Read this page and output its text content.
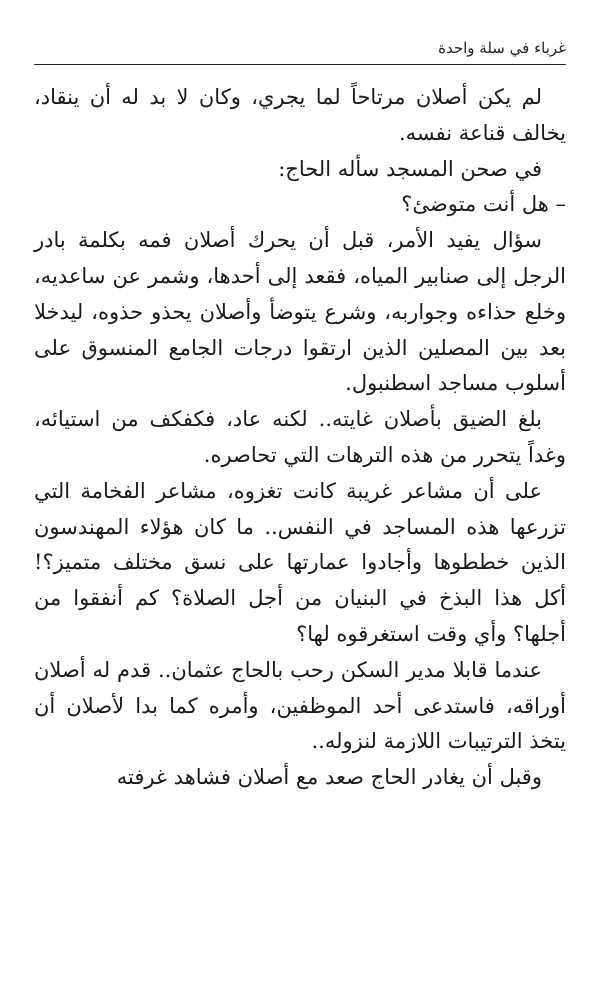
غرباء في سلة واحدة

لم يكن أصلان مرتاحاً لما يجري، وكان لا بد له أن ينقاد، يخالف قناعة نفسه.

في صحن المسجد سأله الحاج:

– هل أنت متوضئ؟

سؤال يفيد الأمر، قبل أن يحرك أصلان فمه بكلمة بادر الرجل إلى صنابير المياه، فقعد إلى أحدها، وشمر عن ساعديه، وخلع حذاءه وجواربه، وشرع يتوضأ وأصلان يحذو حذوه، ليدخلا بعد بين المصلين الذين ارتقوا درجات الجامع المنسوق على أسلوب مساجد اسطنبول.

بلغ الضيق بأصلان غايته.. لكنه عاد، فكفكف من استيائه، وغداً يتحرر من هذه الترهات التي تحاصره.

على أن مشاعر غريبة كانت تغزوه، مشاعر الفخامة التي تزرعها هذه المساجد في النفس.. ما كان هؤلاء المهندسون الذين خططوها وأجادوا عمارتها على نسق مختلف متميز؟! أكل هذا البذخ في البنيان من أجل الصلاة؟ كم أنفقوا من أجلها؟ وأي وقت استغرقوه لها؟

عندما قابلا مدير السكن رحب بالحاج عثمان.. قدم له أصلان أوراقه، فاستدعى أحد الموظفين، وأمره كما بدا لأصلان أن يتخذ الترتيبات اللازمة لنزوله..

وقبل أن يغادر الحاج صعد مع أصلان فشاهد غرفته
